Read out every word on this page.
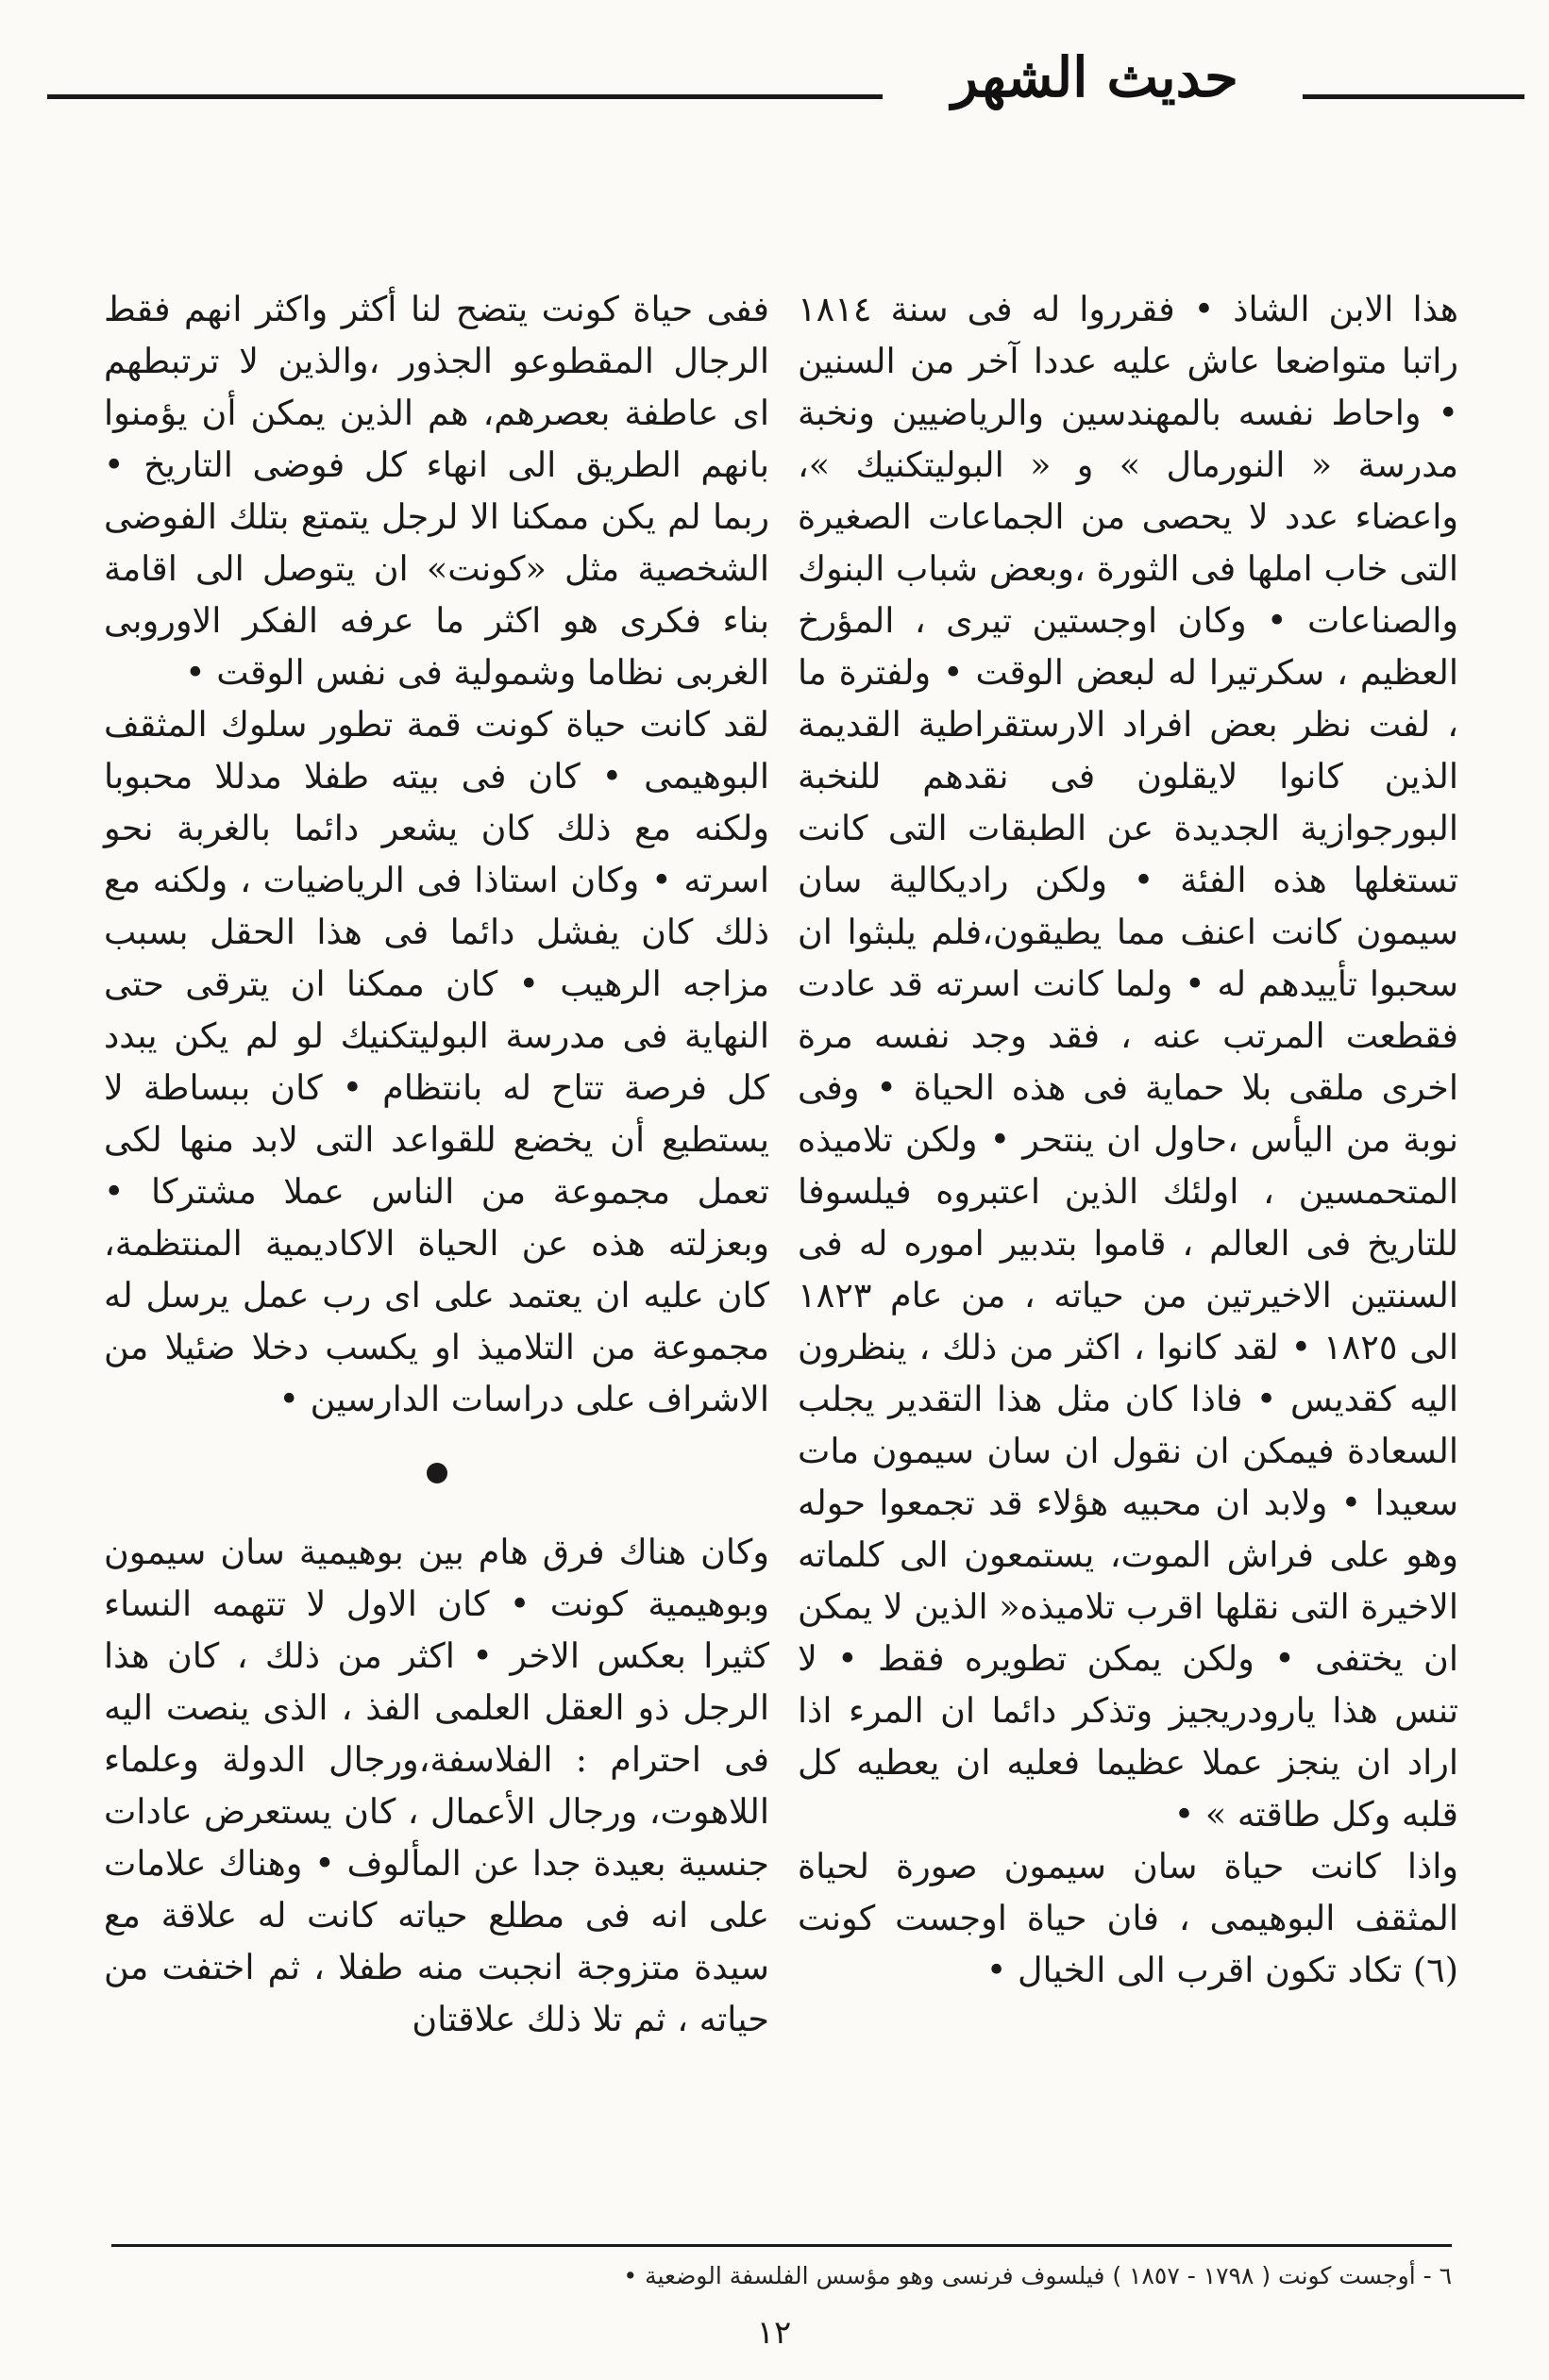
حديث الشهر

هذا الابن الشاذ • فقرروا له فى سنة ١٨١٤ راتبا متواضعا عاش عليه عددا آخر من السنين • واحاط نفسه بالمهندسين والرياضيين ونخبة مدرسة « النورمال » و « البوليتكنيك »، واعضاء عدد لا يحصى من الجماعات الصغيرة التى خاب املها فى الثورة ،وبعض شباب البنوك والصناعات • وكان اوجستين تيرى ، المؤرخ العظيم ، سكرتيرا له لبعض الوقت • ولفترة ما ، لفت نظر بعض افراد الارستقراطية القديمة الذين كانوا لايقلون فى نقدهم للنخبة البورجوازية الجديدة عن الطبقات التى كانت تستغلها هذه الفئة • ولكن راديكالية سان سيمون كانت اعنف مما يطيقون،فلم يلبثوا ان سحبوا تأييدهم له • ولما كانت اسرته قد عادت فقطعت المرتب عنه ، فقد وجد نفسه مرة اخرى ملقى بلا حماية فى هذه الحياة • وفى نوبة من اليأس ،حاول ان ينتحر • ولكن تلاميذه المتحمسين ، اولئك الذين اعتبروه فيلسوفا للتاريخ فى العالم ، قاموا بتدبير اموره له فى السنتين الاخيرتين من حياته ، من عام ١٨٢٣ الى ١٨٢٥ • لقد كانوا ، اكثر من ذلك ، ينظرون اليه كقديس • فاذا كان مثل هذا التقدير يجلب السعادة فيمكن ان نقول ان سان سيمون مات سعيدا • ولابد ان محبيه هؤلاء قد تجمعوا حوله وهو على فراش الموت، يستمعون الى كلماته الاخيرة التى نقلها اقرب تلاميذه« الذين لا يمكن ان يختفى • ولكن يمكن تطويره فقط • لا تنس هذا يارودريجيز وتذكر دائما ان المرء اذا اراد ان ينجز عملا عظيما فعليه ان يعطيه كل قلبه وكل طاقته » •

واذا كانت حياة سان سيمون صورة لحياة المثقف البوهيمى ، فان حياة اوجست كونت (٦) تكاد تكون اقرب الى الخيال •

ففى حياة كونت يتضح لنا أكثر واكثر انهم فقط الرجال المقطوعو الجذور ،والذين لا ترتبطهم اى عاطفة بعصرهم، هم الذين يمكن أن يؤمنوا بانهم الطريق الى انهاء كل فوضى التاريخ • ربما لم يكن ممكنا الا لرجل يتمتع بتلك الفوضى الشخصية مثل «كونت» ان يتوصل الى اقامة بناء فكرى هو اكثر ما عرفه الفكر الاوروبى الغربى نظاما وشمولية فى نفس الوقت •

لقد كانت حياة كونت قمة تطور سلوك المثقف البوهيمى • كان فى بيته طفلا مدللا محبوبا ولكنه مع ذلك كان يشعر دائما بالغربة نحو اسرته • وكان استاذا فى الرياضيات ، ولكنه مع ذلك كان يفشل دائما فى هذا الحقل بسبب مزاجه الرهيب • كان ممكنا ان يترقى حتى النهاية فى مدرسة البوليتكنيك لو لم يكن يبدد كل فرصة تتاح له بانتظام • كان ببساطة لا يستطيع أن يخضع للقواعد التى لابد منها لكى تعمل مجموعة من الناس عملا مشتركا • وبعزلته هذه عن الحياة الاكاديمية المنتظمة، كان عليه ان يعتمد على اى رب عمل يرسل له مجموعة من التلاميذ او يكسب دخلا ضئيلا من الاشراف على دراسات الدارسين •

وكان هناك فرق هام بين بوهيمية سان سيمون وبوهيمية كونت • كان الاول لا تتهمه النساء كثيرا بعكس الاخر • اكثر من ذلك ، كان هذا الرجل ذو العقل العلمى الفذ ، الذى ينصت اليه فى احترام : الفلاسفة،ورجال الدولة وعلماء اللاهوت، ورجال الأعمال ، كان يستعرض عادات جنسية بعيدة جدا عن المألوف • وهناك علامات على انه فى مطلع حياته كانت له علاقة مع سيدة متزوجة انجبت منه طفلا ، ثم اختفت من حياته ، ثم تلا ذلك علاقتان

٦ - أوجست كونت ( ١٧٩٨ - ١٨٥٧ ) فيلسوف فرنسى وهو مؤسس الفلسفة الوضعية •
١٢
